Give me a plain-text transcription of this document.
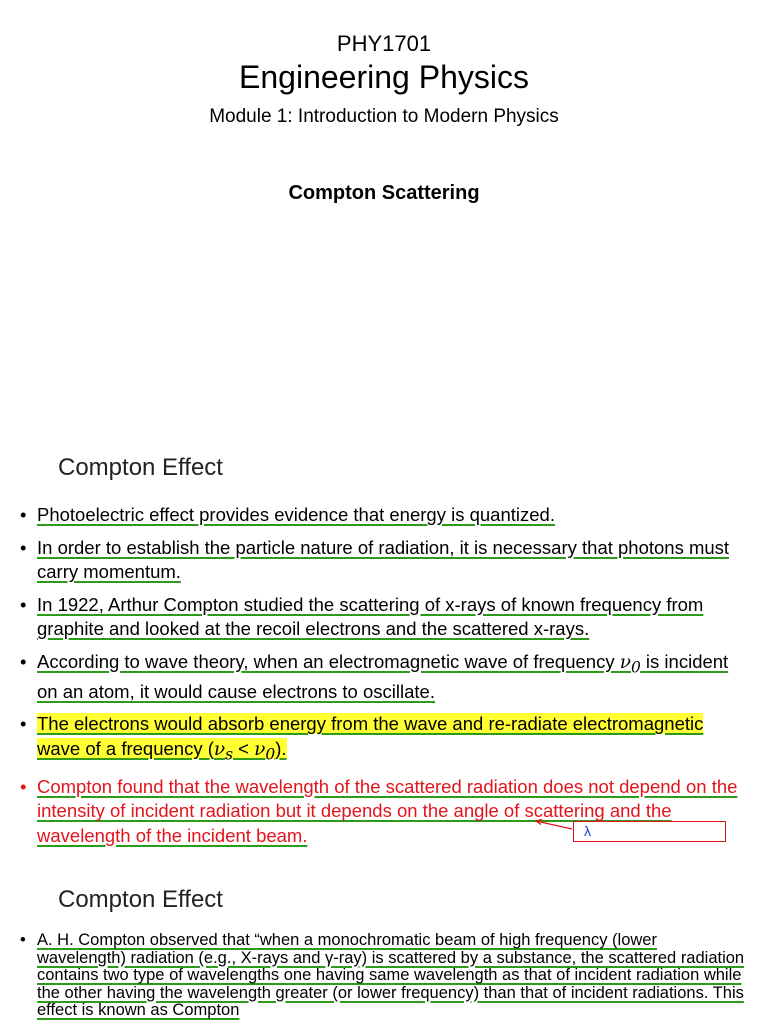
PHY1701
Engineering Physics
Module 1: Introduction to Modern Physics
Compton Scattering
Compton Effect
• Photoelectric effect provides evidence that energy is quantized.
• In order to establish the particle nature of radiation, it is necessary that photons must carry momentum.
• In 1922, Arthur Compton studied the scattering of x-rays of known frequency from graphite and looked at the recoil electrons and the scattered x-rays.
• According to wave theory, when an electromagnetic wave of frequency $\nu_0$ is incident on an atom, it would cause electrons to oscillate.
• The electrons would absorb energy from the wave and re-radiate electromagnetic wave of a frequency $(\nu_s < \nu_0)$.
• Compton found that the wavelength of the scattered radiation does not depend on the intensity of incident radiation but it depends on the angle of scattering and the wavelength of the incident beam.	λ
Compton Effect
• A. H. Compton observed that “when a monochromatic beam of high frequency (lower wavelength) radiation (e.g., X-rays and γ-ray) is scattered by a substance, the scattered radiation contains two type of wavelengths one having same wavelength as that of incident radiation while the other having the wavelength greater (or lower frequency) than that of incident radiations. This effect is known as Compton
